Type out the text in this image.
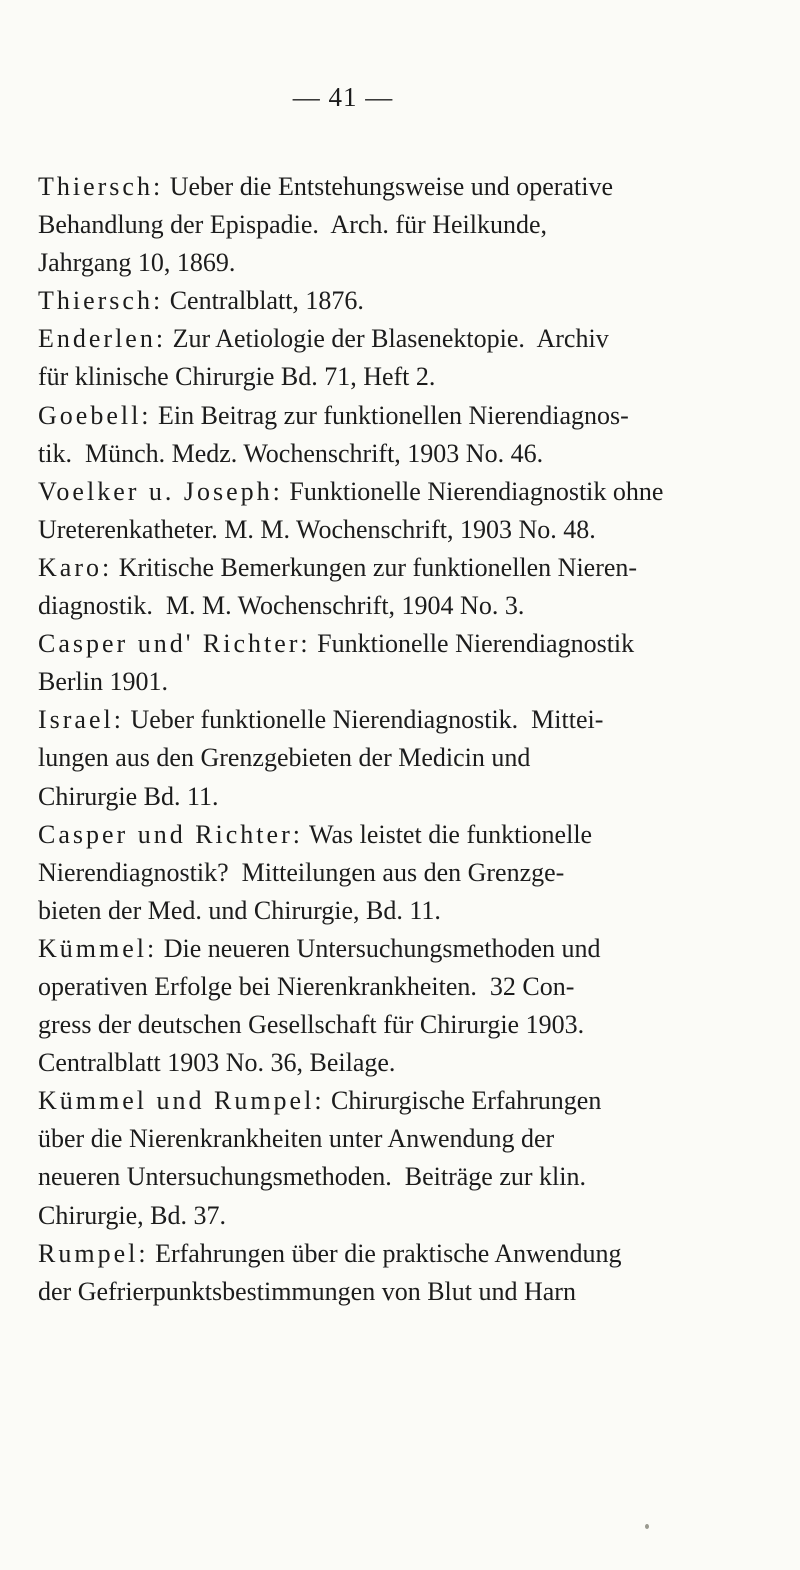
— 41 —
Thiersch: Ueber die Entstehungsweise und operative
Behandlung der Epispadie.  Arch. für Heilkunde,
Jahrgang 10, 1869.
Thiersch: Centralblatt, 1876.
Enderlen: Zur Aetiologie der Blasenektopie.  Archiv
für klinische Chirurgie Bd. 71, Heft 2.
Goebell: Ein Beitrag zur funktionellen Nierendiagnos-
tik.  Münch. Medz. Wochenschrift, 1903 No. 46.
Voelker u. Joseph: Funktionelle Nierendiagnostik ohne
Ureterenkatheter. M. M. Wochenschrift, 1903 No. 48.
Karo: Kritische Bemerkungen zur funktionellen Nieren-
diagnostik.  M. M. Wochenschrift, 1904 No. 3.
Casper und' Richter: Funktionelle Nierendiagnostik
Berlin 1901.
Israel: Ueber funktionelle Nierendiagnostik.  Mittei-
lungen aus den Grenzgebieten der Medicin und
Chirurgie Bd. 11.
Casper und Richter: Was leistet die funktionelle
Nierendiagnostik?  Mitteilungen aus den Grenzge-
bieten der Med. und Chirurgie, Bd. 11.
Kümmel: Die neueren Untersuchungsmethoden und
operativen Erfolge bei Nierenkrankheiten.  32 Con-
gress der deutschen Gesellschaft für Chirurgie 1903.
Centralblatt 1903 No. 36, Beilage.
Kümmel und Rumpel: Chirurgische Erfahrungen
über die Nierenkrankheiten unter Anwendung der
neueren Untersuchungsmethoden.  Beiträge zur klin.
Chirurgie, Bd. 37.
Rumpel: Erfahrungen über die praktische Anwendung
der Gefrierpunktsbestimmungen von Blut und Harn
